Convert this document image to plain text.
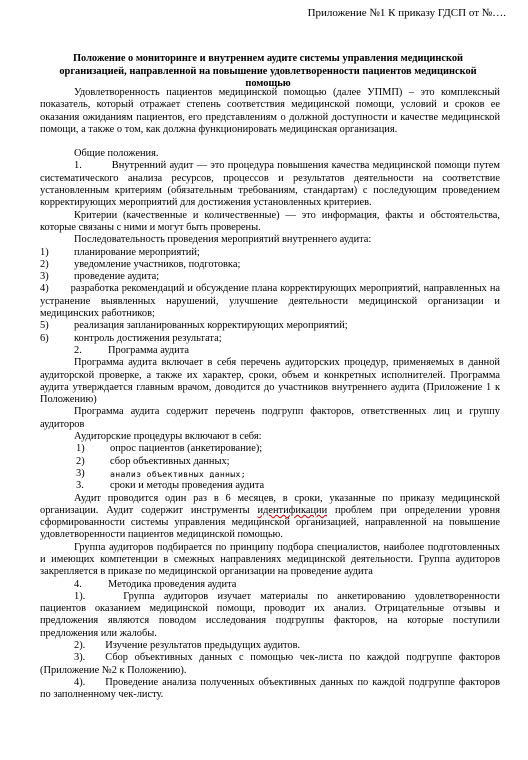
Приложение №1 К приказу ГДСП от №….
Положение о мониторинге и внутреннем аудите системы управления медицинской организацией, направленной на повышение удовлетворенности пациентов медицинской помощью

Удовлетворенность пациентов медицинской помощью (далее УПМП) – это комплексный показатель, который отражает степень соответствия медицинской помощи, условий и сроков ее оказания ожиданиям пациентов, его представлениям о должной доступности и качестве медицинской помощи, а также о том, как должна функционировать медицинская организация.

Общие положения.

1.	Внутренний аудит — это процедура повышения качества медицинской помощи путем систематического анализа ресурсов, процессов и результатов деятельности на соответствие установленным критериям (обязательным требованиям, стандартам) с последующим проведением корректирующих мероприятий для достижения установленных критериев.

Критерии (качественные и количественные) — это информация, факты и обстоятельства, которые связаны с ними и могут быть проверены.

Последовательность проведения мероприятий внутреннего аудита:

1)	планирование мероприятий;
2)	уведомление участников, подготовка;
3)	проведение аудита;

4) разработка рекомендаций и обсуждение плана корректирующих мероприятий, направленных на устранение выявленных нарушений, улучшение деятельности медицинской организации и медицинских работников;

5)	реализация запланированных корректирующих мероприятий;
6)	контроль достижения результата;
2.	Программа аудита

Программа аудита включает в себя перечень аудиторских процедур, применяемых в данной аудиторской проверке, а также их характер, сроки, объем и конкретных исполнителей. Программа аудита утверждается главным врачом, доводится до участников внутреннего аудита (Приложение 1 к Положению)

Программа аудита содержит перечень подгрупп факторов, ответственных лиц и группу аудиторов

Аудиторские процедуры включают в себя:

1)	опрос пациентов (анкетирование);
2)	сбор объективных данных;
3)	анализ объективных данных;
3.	сроки и методы проведения аудита

Аудит проводится один раз в 6 месяцев, в сроки, указанные по приказу медицинской организации. Аудит содержит инструменты идентификации проблем при определении уровня сформированности системы управления медицинской организацией, направленной на повышение удовлетворенности пациентов медицинской помощью.

Группа аудиторов подбирается по принципу подбора специалистов, наиболее подготовленных и имеющих компетенции в смежных направлениях медицинской деятельности. Группа аудиторов закрепляется в приказе по медицинской организации на проведение аудита

4.	Методика проведения аудита

1).	Группа аудиторов изучает материалы по анкетированию удовлетворенности пациентов оказанием медицинской помощи, проводит их анализ. Отрицательные отзывы и предложения являются поводом исследования подгруппы факторов, на которые поступили предложения или жалобы.

2). Изучение результатов предыдущих аудитов.

3). Сбор объективных данных с помощью чек-листа по каждой подгруппе факторов (Приложение №2 к Положению).

4). Проведение анализа полученных объективных данных по каждой подгруппе факторов по заполненному чек-листу.
